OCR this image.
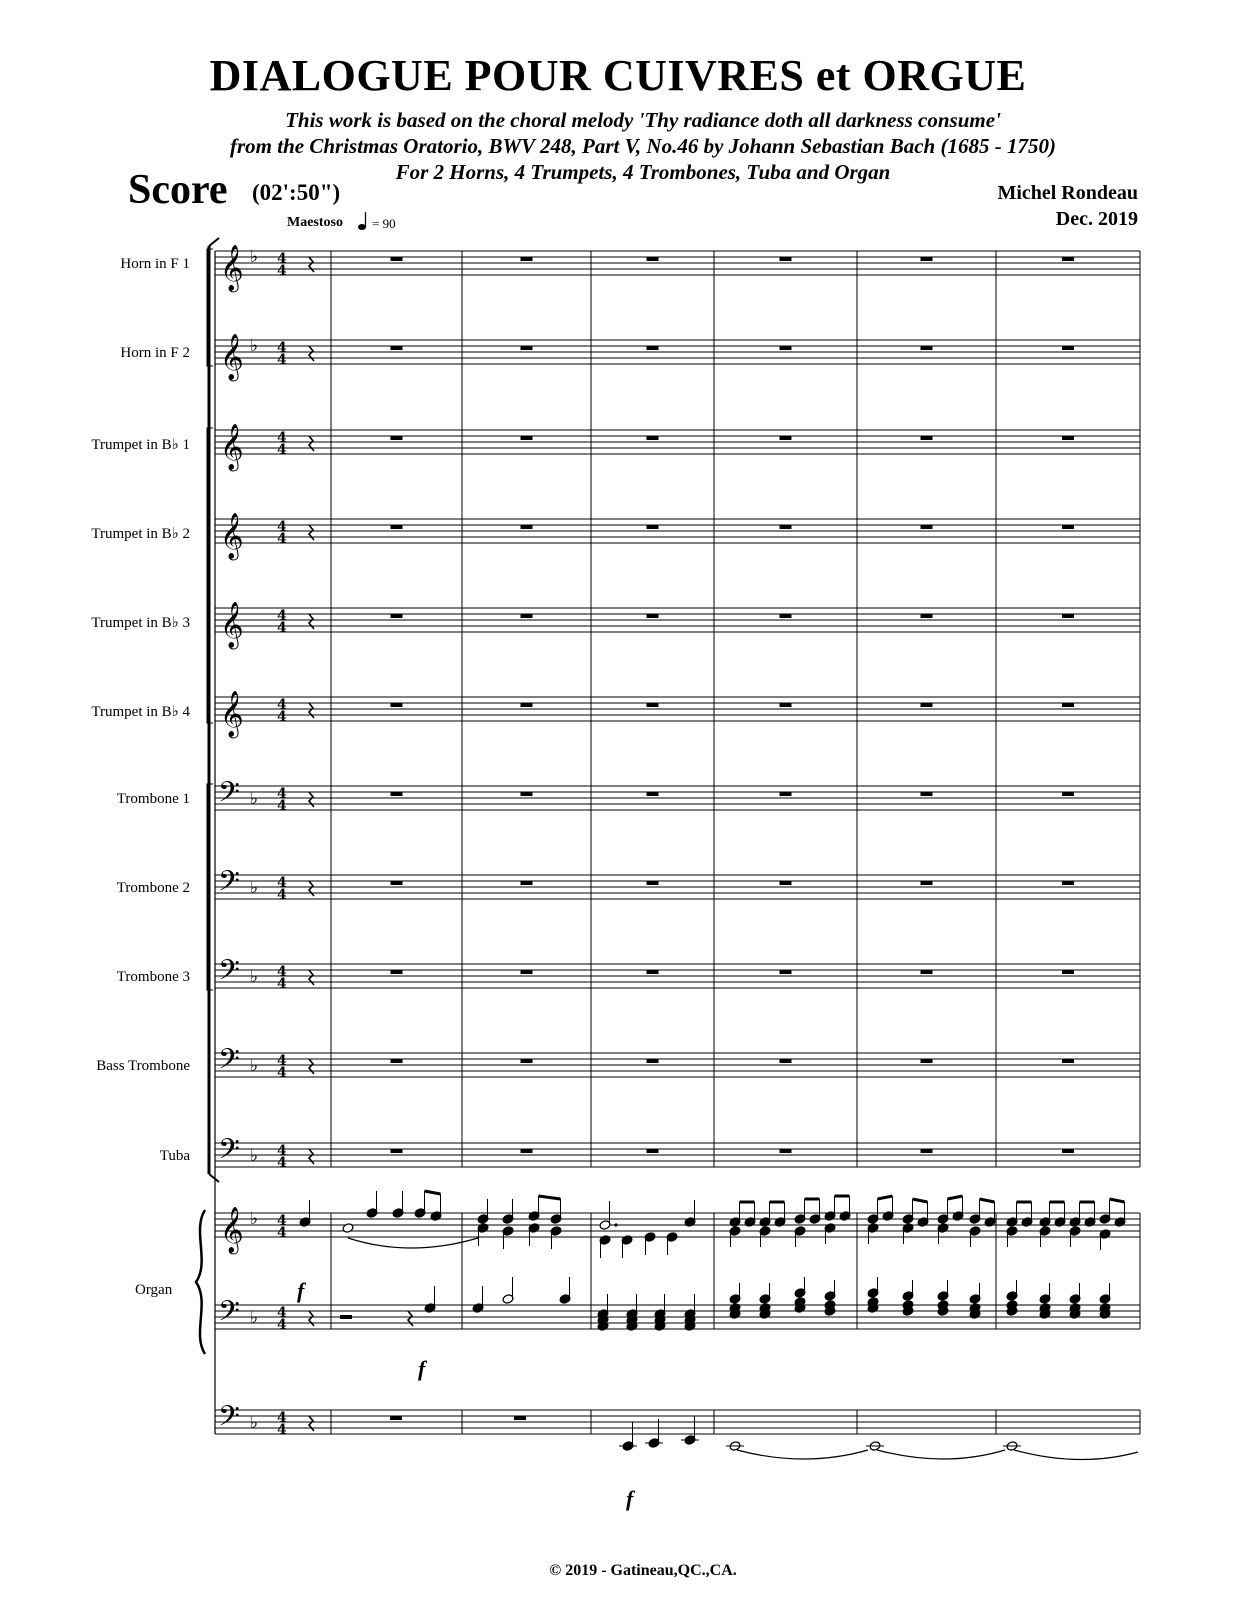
DIALOGUE POUR CUIVRES et ORGUE
This work is based on the choral melody 'Thy radiance doth all darkness consume'
from the Christmas Oratorio, BWV 248, Part V, No.46 by Johann Sebastian Bach (1685 - 1750)
For 2 Horns, 4 Trumpets, 4 Trombones, Tuba and Organ
Score (02':50")	Michel Rondeau
Dec. 2019
Maestoso = 90
Horn in F 1
Horn in F 2
Trumpet in B♭ 1
Trumpet in B♭ 2
Trumpet in B♭ 3
Trumpet in B♭ 4
Trombone 1
Trombone 2
Trombone 3
Bass Trombone
Tuba
Organ
𝄞 ♭ 4
4
𝄞 ♭ 4
4
𝄞 4
4
𝄞 4
4
𝄞 4
4
𝄞 4
4
𝄢 ♭ 4
4
𝄢 ♭ 4
4
𝄢 ♭ 4
4
𝄢 ♭ 4
4
𝄢 ♭ 4
4
𝄞 ♭ 4
4
𝄢 ♭ 4
4
𝄢 ♭ 4
4
f
f
f
© 2019 - Gatineau,QC.,CA.
